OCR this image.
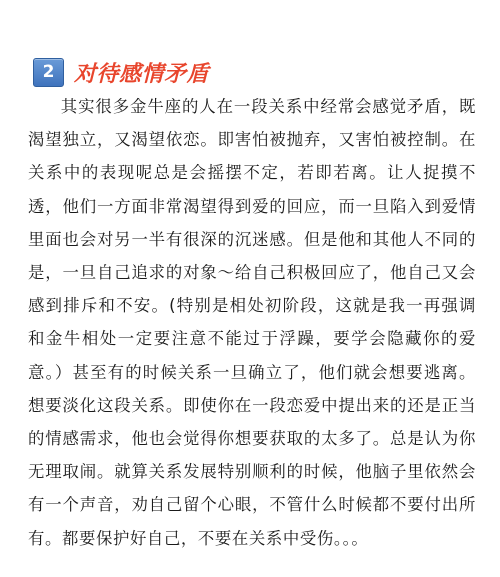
2 对待感情矛盾

其实很多金牛座的人在一段关系中经常会感觉矛盾，既渴望独立，又渴望依恋。即害怕被抛弃，又害怕被控制。在关系中的表现呢总是会摇摆不定，若即若离。让人捉摸不透，他们一方面非常渴望得到爱的回应，而一旦陷入到爱情里面也会对另一半有很深的沉迷感。但是他和其他人不同的是，一旦自己追求的对象～给自己积极回应了，他自己又会感到排斥和不安。(特别是相处初阶段，这就是我一再强调和金牛相处一定要注意不能过于浮躁，要学会隐藏你的爱意。）甚至有的时候关系一旦确立了，他们就会想要逃离。想要淡化这段关系。即使你在一段恋爱中提出来的还是正当的情感需求，他也会觉得你想要获取的太多了。总是认为你无理取闹。就算关系发展特别顺利的时候，他脑子里依然会有一个声音，劝自己留个心眼，不管什么时候都不要付出所有。都要保护好自己，不要在关系中受伤。。。
